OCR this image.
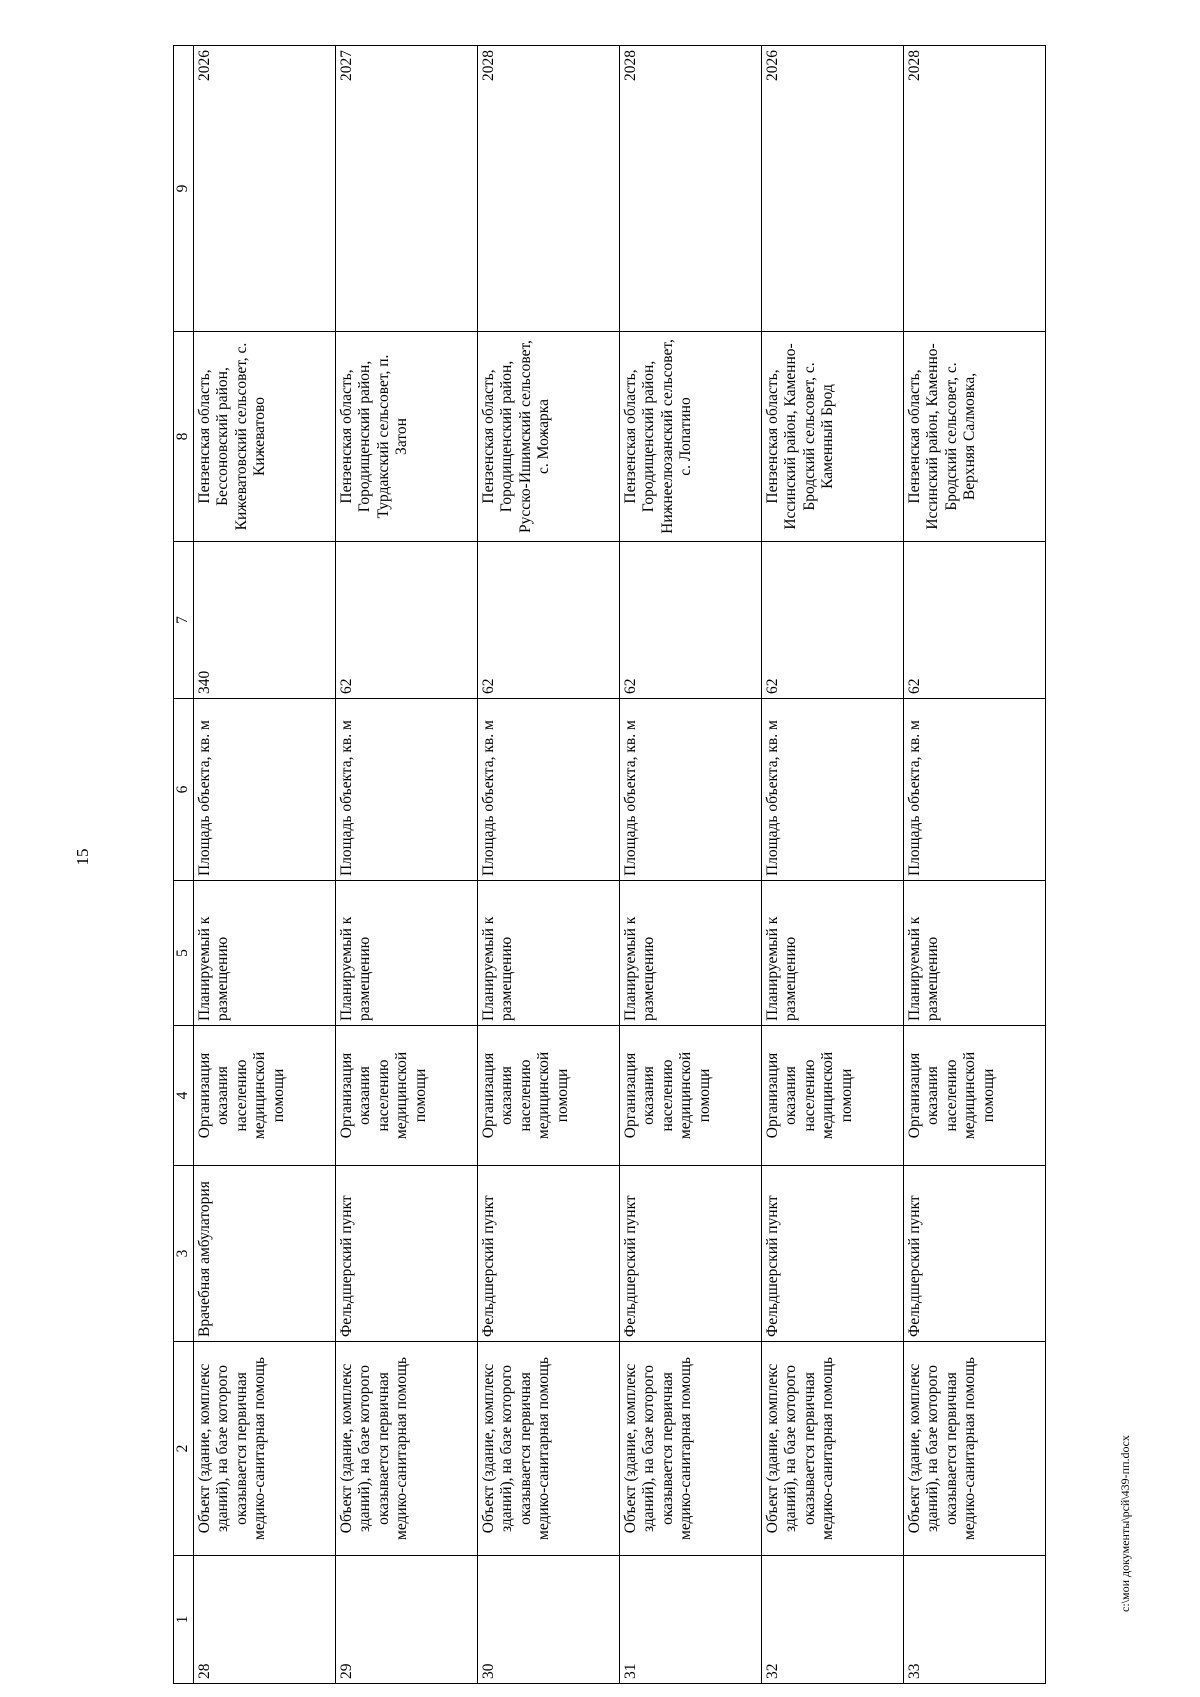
15
1	2	3	4	5	6	7	8	9
28	Объект (здание, комплекс зданий), на базе которого оказывается первичная медико-санитарная помощь	Врачебная амбулатория	Организация оказания населению медицинской помощи	Планируемый к размещению	Площадь объекта, кв. м	340	Пензенская область, Бессоновский район, Кижеватовский сельсовет, с. Кижеватово	2026
29	Объект (здание, комплекс зданий), на базе которого оказывается первичная медико-санитарная помощь	Фельдшерский пункт	Организация оказания населению медицинской помощи	Планируемый к размещению	Площадь объекта, кв. м	62	Пензенская область, Городищенский район, Турдакский сельсовет, п. Затон	2027
30	Объект (здание, комплекс зданий), на базе которого оказывается первичная медико-санитарная помощь	Фельдшерский пункт	Организация оказания населению медицинской помощи	Планируемый к размещению	Площадь объекта, кв. м	62	Пензенская область, Городищенский район, Русско-Ишимский сельсовет, с. Можарка	2028
31	Объект (здание, комплекс зданий), на базе которого оказывается первичная медико-санитарная помощь	Фельдшерский пункт	Организация оказания населению медицинской помощи	Планируемый к размещению	Площадь объекта, кв. м	62	Пензенская область, Городищенский район, Нижнеелюзанский сельсовет, с. Лопатино	2028
32	Объект (здание, комплекс зданий), на базе которого оказывается первичная медико-санитарная помощь	Фельдшерский пункт	Организация оказания населению медицинской помощи	Планируемый к размещению	Площадь объекта, кв. м	62	Пензенская область, Иссинский район, Каменно-Бродский сельсовет, с. Каменный Брод	2026
33	Объект (здание, комплекс зданий), на базе которого оказывается первичная медико-санитарная помощь	Фельдшерский пункт	Организация оказания населению медицинской помощи	Планируемый к размещению	Площадь объекта, кв. м	62	Пензенская область, Иссинский район, Каменно-Бродский сельсовет, с. Верхняя Салмовка,	2028
с:\мои документы\рсй\439-пп.docx
